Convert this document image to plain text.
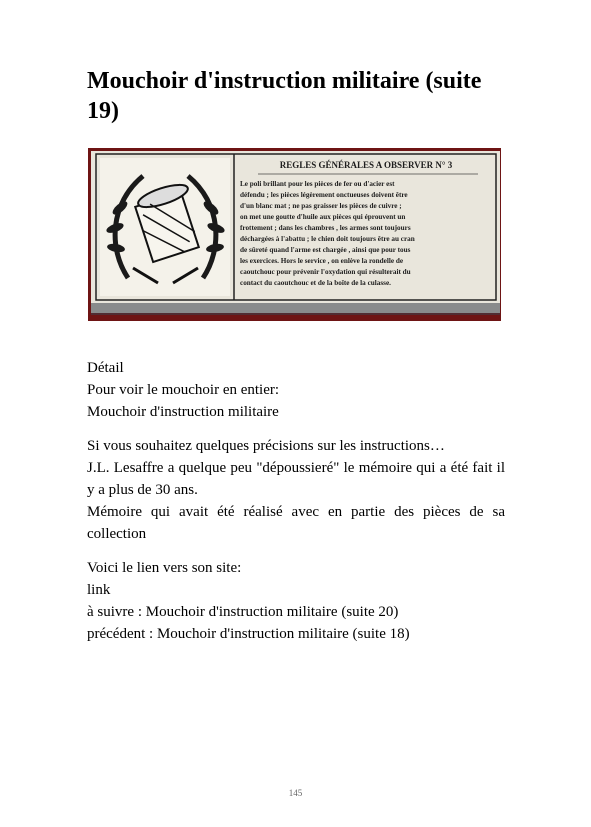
Mouchoir d'instruction militaire (suite 19)
REGLES GÉNÉRALES A OBSERVER N° 3
Le poli brillant pour les pièces de fer ou d'acier est
défendu ; les pièces légèrement onctueuses doivent être
d'un blanc mat ; ne pas graisser les pièces de cuivre ;
on met une goutte d'huile aux pièces qui éprouvent un
frottement ; dans les chambres , les armes sont toujours
déchargées à l'abattu ; le chien doit toujours être au cran
de sûreté quand l'arme est chargée , ainsi que pour tous
les exercices. Hors le service , on enlève la rondelle de
caoutchouc pour prévenir l'oxydation qui résulterait du
contact du caoutchouc et de la boîte de la culasse.

Détail
Pour voir le mouchoir en entier:
Mouchoir d'instruction militaire

Si vous souhaitez quelques précisions sur les instructions…
J.L. Lesaffre a quelque peu "dépoussieré" le mémoire qui a été fait il y a plus de 30 ans.
Mémoire qui avait été réalisé avec en partie des pièces de sa collection

Voici le lien vers son site:
link
à suivre : Mouchoir d'instruction militaire (suite 20)
précédent : Mouchoir d'instruction militaire (suite 18)

145
